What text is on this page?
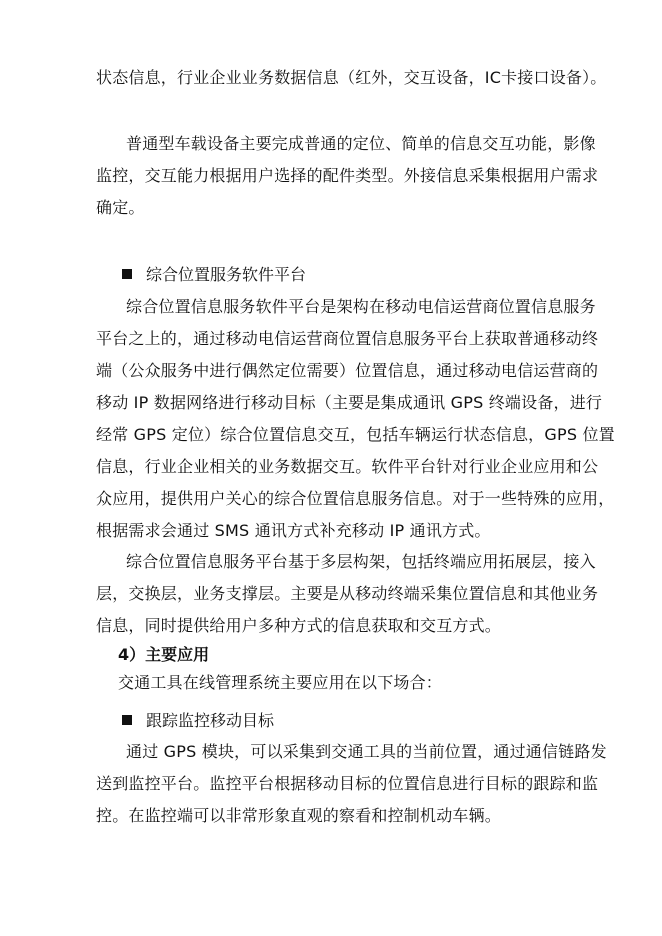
状态信息，行业企业业务数据信息（红外，交互设备，IC卡接口设备）。
普通型车载设备主要完成普通的定位、简单的信息交互功能，影像
监控，交互能力根据用户选择的配件类型。外接信息采集根据用户需求
确定。
综合位置服务软件平台
综合位置信息服务软件平台是架构在移动电信运营商位置信息服务
平台之上的，通过移动电信运营商位置信息服务平台上获取普通移动终
端（公众服务中进行偶然定位需要）位置信息，通过移动电信运营商的
移动 IP 数据网络进行移动目标（主要是集成通讯 GPS 终端设备，进行
经常 GPS 定位）综合位置信息交互，包括车辆运行状态信息，GPS 位置
信息，行业企业相关的业务数据交互。软件平台针对行业企业应用和公
众应用，提供用户关心的综合位置信息服务信息。对于一些特殊的应用，
根据需求会通过 SMS 通讯方式补充移动 IP 通讯方式。
综合位置信息服务平台基于多层构架，包括终端应用拓展层，接入
层，交换层，业务支撑层。主要是从移动终端采集位置信息和其他业务
信息，同时提供给用户多种方式的信息获取和交互方式。
4）主要应用
交通工具在线管理系统主要应用在以下场合：
跟踪监控移动目标
通过 GPS 模块，可以采集到交通工具的当前位置，通过通信链路发
送到监控平台。监控平台根据移动目标的位置信息进行目标的跟踪和监
控。在监控端可以非常形象直观的察看和控制机动车辆。
